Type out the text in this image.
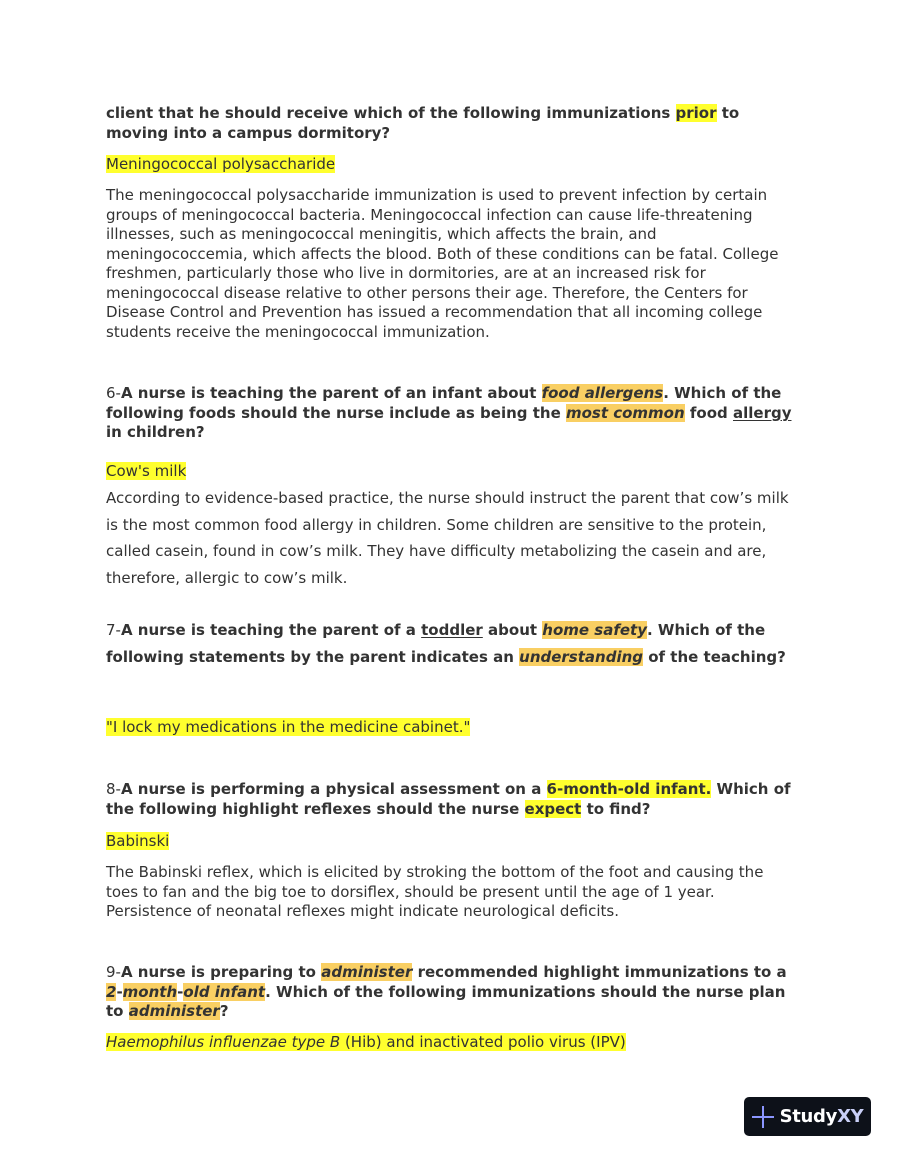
client that he should receive which of the following immunizations prior to moving into a campus dormitory?

Meningococcal polysaccharide

The meningococcal polysaccharide immunization is used to prevent infection by certain groups of meningococcal bacteria. Meningococcal infection can cause life-threatening illnesses, such as meningococcal meningitis, which affects the brain, and meningococcemia, which affects the blood. Both of these conditions can be fatal. College freshmen, particularly those who live in dormitories, are at an increased risk for meningococcal disease relative to other persons their age. Therefore, the Centers for Disease Control and Prevention has issued a recommendation that all incoming college students receive the meningococcal immunization.

6-A nurse is teaching the parent of an infant about food allergens. Which of the following foods should the nurse include as being the most common food allergy in children?

Cow's milk

According to evidence-based practice, the nurse should instruct the parent that cow’s milk is the most common food allergy in children. Some children are sensitive to the protein, called casein, found in cow’s milk. They have difficulty metabolizing the casein and are, therefore, allergic to cow’s milk.

7-A nurse is teaching the parent of a toddler about home safety. Which of the following statements by the parent indicates an understanding of the teaching?

"I lock my medications in the medicine cabinet."

8-A nurse is performing a physical assessment on a 6-month-old infant. Which of the following highlight reflexes should the nurse expect to find?

Babinski

The Babinski reflex, which is elicited by stroking the bottom of the foot and causing the toes to fan and the big toe to dorsiflex, should be present until the age of 1 year. Persistence of neonatal reflexes might indicate neurological deficits.

9-A nurse is preparing to administer recommended highlight immunizations to a 2-month-old infant. Which of the following immunizations should the nurse plan to administer?

Haemophilus influenzae type B (Hib) and inactivated polio virus (IPV)

StudyXY
